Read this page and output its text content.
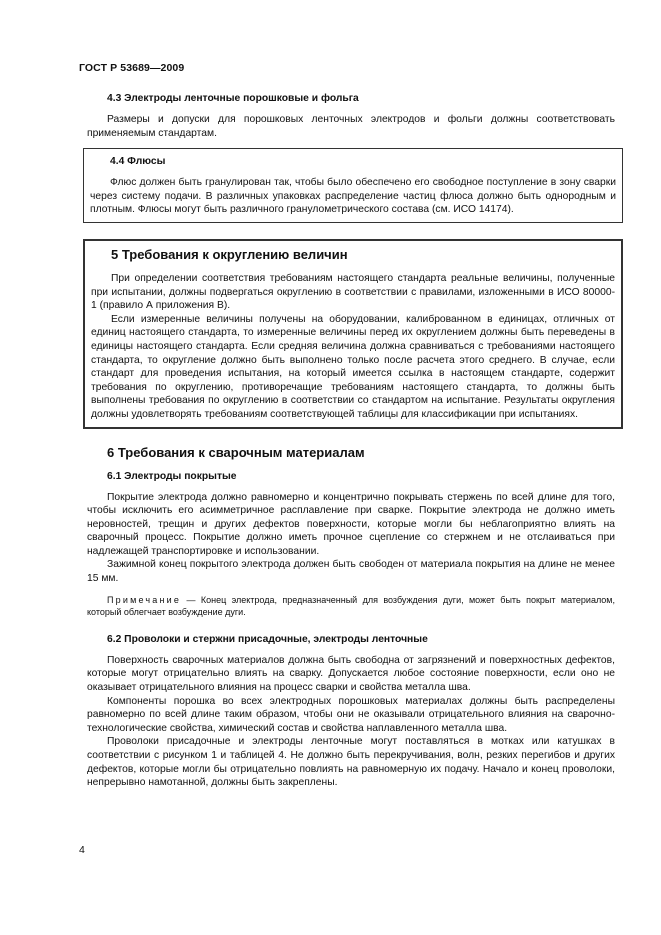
ГОСТ Р 53689—2009
4.3 Электроды ленточные порошковые и фольга

Размеры и допуски для порошковых ленточных электродов и фольги должны соответствовать применяемым стандартам.

4.4 Флюсы

Флюс должен быть гранулирован так, чтобы было обеспечено его свободное поступление в зону сварки через систему подачи. В различных упаковках распределение частиц флюса должно быть однородным и плотным. Флюсы могут быть различного гранулометрического состава (см. ИСО 14174).

5 Требования к округлению величин

При определении соответствия требованиям настоящего стандарта реальные величины, полученные при испытании, должны подвергаться округлению в соответствии с правилами, изложенными в ИСО 80000-1 (правило А приложения В).

Если измеренные величины получены на оборудовании, калиброванном в единицах, отличных от единиц настоящего стандарта, то измеренные величины перед их округлением должны быть переведены в единицы настоящего стандарта. Если средняя величина должна сравниваться с требованиями настоящего стандарта, то округление должно быть выполнено только после расчета этого среднего. В случае, если стандарт для проведения испытания, на который имеется ссылка в настоящем стандарте, содержит требования по округлению, противоречащие требованиям настоящего стандарта, то должны быть выполнены требования по округлению в соответствии со стандартом на испытание. Результаты округления должны удовлетворять требованиям соответствующей таблицы для классификации при испытаниях.

6 Требования к сварочным материалам
6.1 Электроды покрытые

Покрытие электрода должно равномерно и концентрично покрывать стержень по всей длине для того, чтобы исключить его асимметричное расплавление при сварке. Покрытие электрода не должно иметь неровностей, трещин и других дефектов поверхности, которые могли бы неблагоприятно влиять на сварочный процесс. Покрытие должно иметь прочное сцепление со стержнем и не отслаиваться при надлежащей транспортировке и использовании.

Зажимной конец покрытого электрода должен быть свободен от материала покрытия на длине не менее 15 мм.

Примечание — Конец электрода, предназначенный для возбуждения дуги, может быть покрыт материалом, который облегчает возбуждение дуги.

6.2 Проволоки и стержни присадочные, электроды ленточные

Поверхность сварочных материалов должна быть свободна от загрязнений и поверхностных дефектов, которые могут отрицательно влиять на сварку. Допускается любое состояние поверхности, если оно не оказывает отрицательного влияния на процесс сварки и свойства металла шва.

Компоненты порошка во всех электродных порошковых материалах должны быть распределены равномерно по всей длине таким образом, чтобы они не оказывали отрицательного влияния на сварочно-технологические свойства, химический состав и свойства наплавленного металла шва.

Проволоки присадочные и электроды ленточные могут поставляться в мотках или катушках в соответствии с рисунком 1 и таблицей 4. Не должно быть перекручивания, волн, резких перегибов и других дефектов, которые могли бы отрицательно повлиять на равномерную их подачу. Начало и конец проволоки, непрерывно намотанной, должны быть закреплены.

4
